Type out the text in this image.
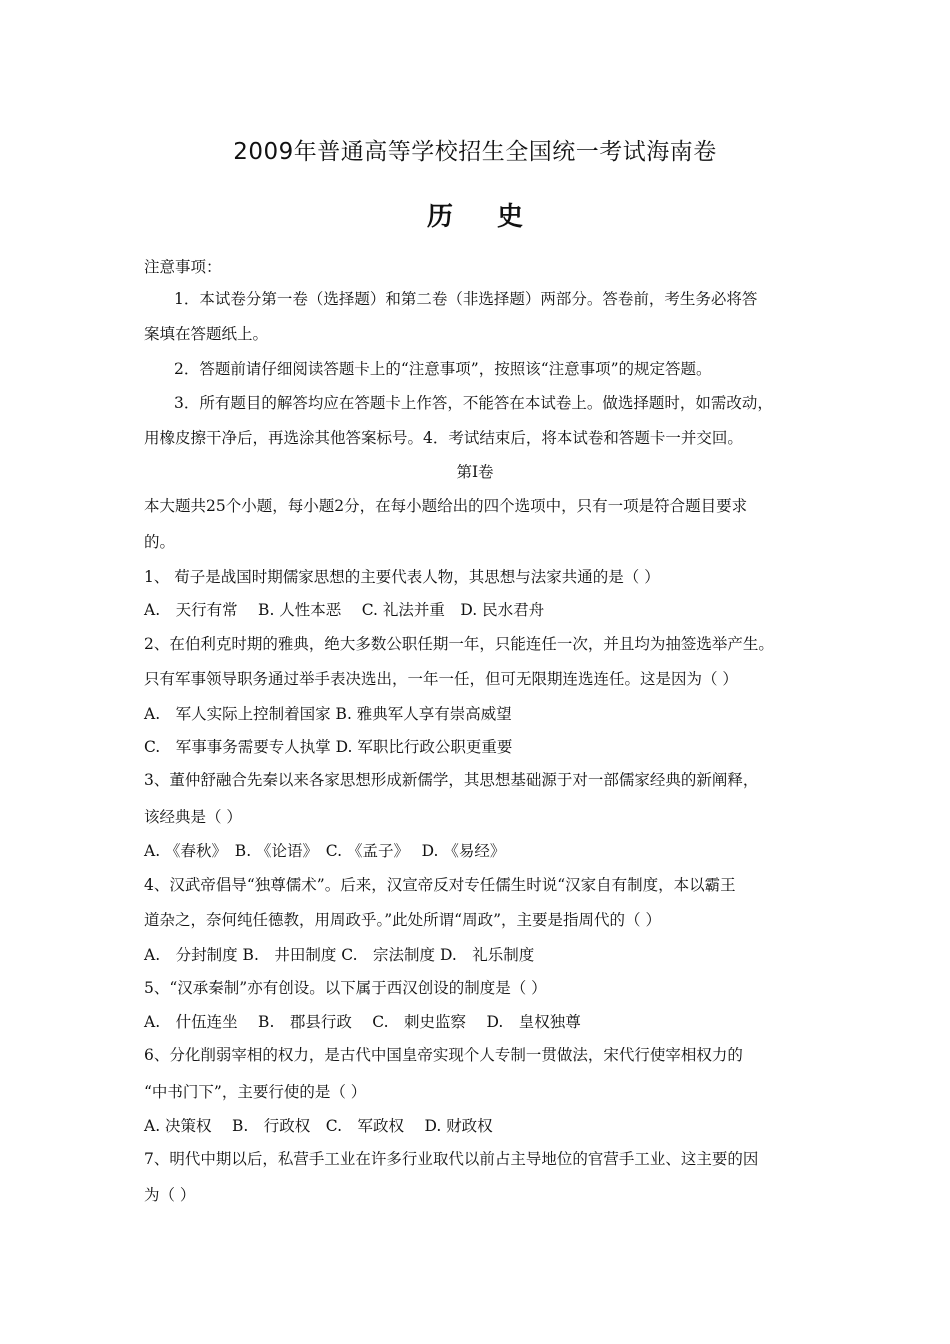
2009年普通高等学校招生全国统一考试海南卷
历史
注意事项：
1．本试卷分第一卷（选择题）和第二卷（非选择题）两部分。答卷前，考生务必将答
案填在答题纸上。
2．答题前请仔细阅读答题卡上的“注意事项”，按照该“注意事项”的规定答题。
3．所有题目的解答均应在答题卡上作答，不能答在本试卷上。做选择题时，如需改动，
用橡皮擦干净后，再选涂其他答案标号。4．考试结束后，将本试卷和答题卡一并交回。
第Ⅰ卷
本大题共25个小题，每小题2分，在每小题给出的四个选项中，只有一项是符合题目要求
的。
1、 荀子是战国时期儒家思想的主要代表人物，其思想与法家共通的是（ ）
A.　天行有常　 B. 人性本恶　 C. 礼法并重　D. 民水君舟
2、在伯利克时期的雅典，绝大多数公职任期一年，只能连任一次，并且均为抽签选举产生。
只有军事领导职务通过举手表决选出，一年一任，但可无限期连选连任。这是因为（ ）
A.　军人实际上控制着国家 B. 雅典军人享有崇高威望
C.　军事事务需要专人执掌 D. 军职比行政公职更重要
3、董仲舒融合先秦以来各家思想形成新儒学，其思想基础源于对一部儒家经典的新阐释，
该经典是（ ）
A. 《春秋》　B. 《论语》　C. 《孟子》　 D. 《易经》
4、汉武帝倡导“独尊儒术”。后来，汉宣帝反对专任儒生时说“汉家自有制度，本以霸王
道杂之，奈何纯任德教，用周政乎。”此处所谓“周政”，主要是指周代的（ ）
A.　分封制度 B.　井田制度 C.　宗法制度 D.　礼乐制度
5、“汉承秦制”亦有创设。以下属于西汉创设的制度是（ ）
A.　什伍连坐　 B.　郡县行政　 C.　刺史监察　 D.　皇权独尊
6、分化削弱宰相的权力，是古代中国皇帝实现个人专制一贯做法，宋代行使宰相权力的
“中书门下”，主要行使的是（ ）
A. 决策权　 B.　行政权　C.　军政权　 D. 财政权
7、明代中期以后，私营手工业在许多行业取代以前占主导地位的官营手工业、这主要的因
为（ ）
